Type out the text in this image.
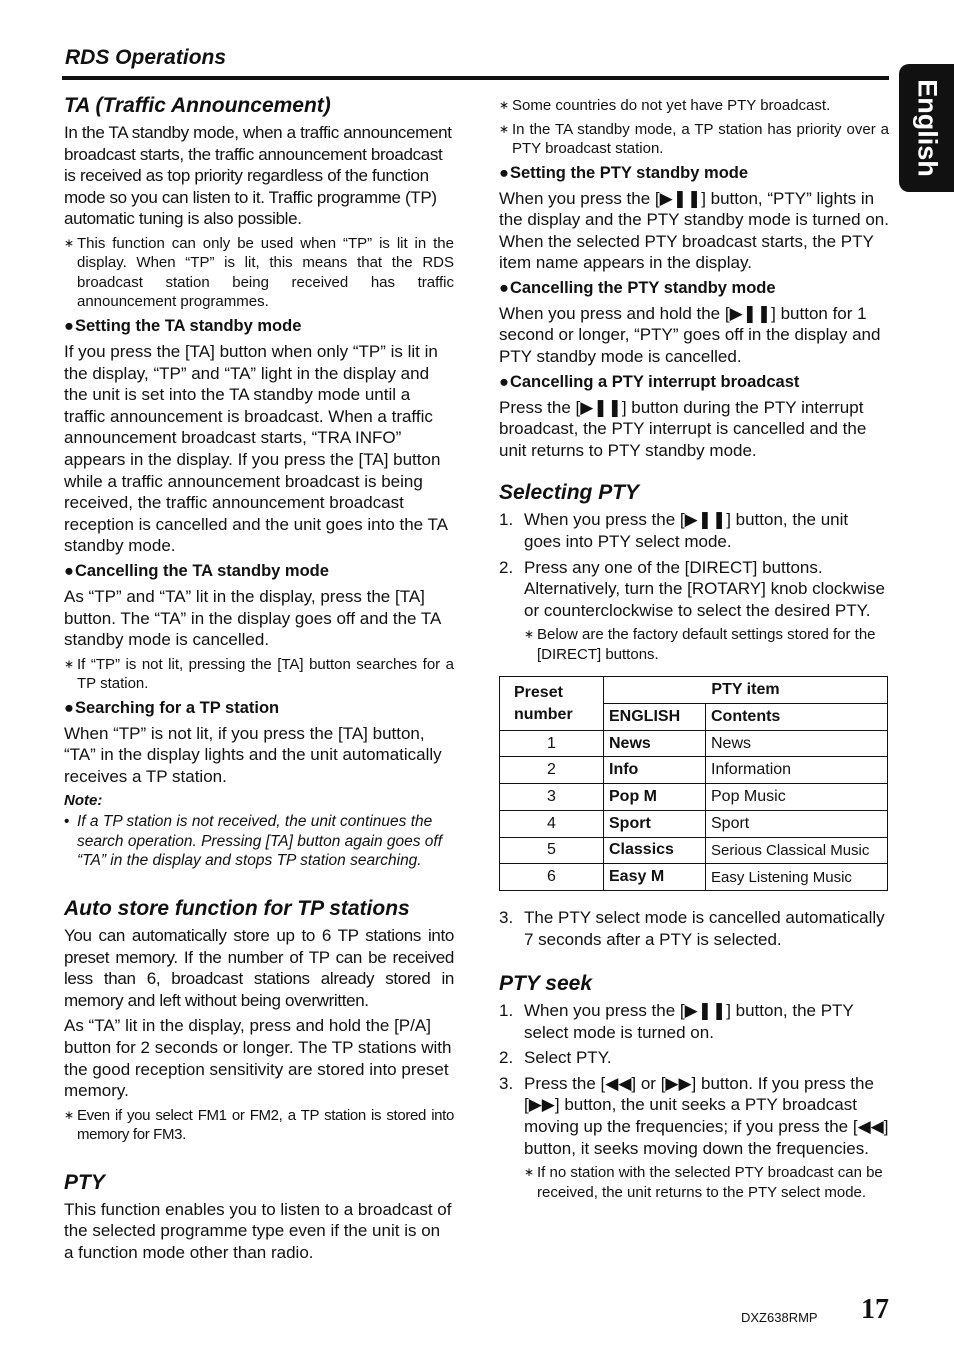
RDS Operations
English
TA (Traffic Announcement)

In the TA standby mode, when a traffic announcement broadcast starts, the traffic announcement broadcast is received as top priority regardless of the function mode so you can listen to it. Traffic programme (TP) automatic tuning is also possible.

∗ This function can only be used when “TP” is lit in the display. When “TP” is lit, this means that the RDS broadcast station being received has traffic announcement programmes.
● Setting the TA standby mode

If you press the [TA] button when only “TP” is lit in the display, “TP” and “TA” light in the display and the unit is set into the TA standby mode until a traffic announcement is broadcast. When a traffic announcement broadcast starts, “TRA INFO” appears in the display. If you press the [TA] button while a traffic announcement broadcast is being received, the traffic announcement broadcast reception is cancelled and the unit goes into the TA standby mode.

● Cancelling the TA standby mode

As “TP” and “TA” lit in the display, press the [TA] button. The “TA” in the display goes off and the TA standby mode is cancelled.

∗ If “TP” is not lit, pressing the [TA] button searches for a TP station.
● Searching for a TP station

When “TP” is not lit, if you press the [TA] button, “TA” in the display lights and the unit automatically receives a TP station.

Note:

• If a TP station is not received, the unit continues the search operation. Pressing [TA] button again goes off “TA” in the display and stops TP station searching.

Auto store function for TP stations

You can automatically store up to 6 TP stations into preset memory. If the number of TP can be received less than 6, broadcast stations already stored in memory and left without being overwritten.

As “TA” lit in the display, press and hold the [P/A] button for 2 seconds or longer. The TP stations with the good reception sensitivity are stored into preset memory.

∗ Even if you select FM1 or FM2, a TP station is stored into memory for FM3.
PTY

This function enables you to listen to a broadcast of the selected programme type even if the unit is on a function mode other than radio.

∗ Some countries do not yet have PTY broadcast.
∗ In the TA standby mode, a TP station has priority over a PTY broadcast station.
● Setting the PTY standby mode

When you press the [▶❚❚] button, “PTY” lights in the display and the PTY standby mode is turned on. When the selected PTY broadcast starts, the PTY item name appears in the display.

● Cancelling the PTY standby mode

When you press and hold the [▶❚❚] button for 1 second or longer, “PTY” goes off in the display and PTY standby mode is cancelled.

● Cancelling a PTY interrupt broadcast

Press the [▶❚❚] button during the PTY interrupt broadcast, the PTY interrupt is cancelled and the unit returns to PTY standby mode.

Selecting PTY
1. When you press the [▶❚❚] button, the unit goes into PTY select mode.
2. Press any one of the [DIRECT] buttons. Alternatively, turn the [ROTARY] knob clockwise or counterclockwise to select the desired PTY.
∗ Below are the factory default settings stored for the [DIRECT] buttons.
Preset number	PTY item	
	ENGLISH	Contents
1	News	News
2	Info	Information
3	Pop M	Pop Music
4	Sport	Sport
5	Classics	Serious Classical Music
6	Easy M	Easy Listening Music
3. The PTY select mode is cancelled automatically 7 seconds after a PTY is selected.
PTY seek
1. When you press the [▶❚❚] button, the PTY select mode is turned on.
2. Select PTY.
3. Press the [◀◀] or [▶▶] button. If you press the [▶▶] button, the unit seeks a PTY broadcast moving up the frequencies; if you press the [◀◀] button, it seeks moving down the frequencies.
∗ If no station with the selected PTY broadcast can be received, the unit returns to the PTY select mode.
DXZ638RMP 17
